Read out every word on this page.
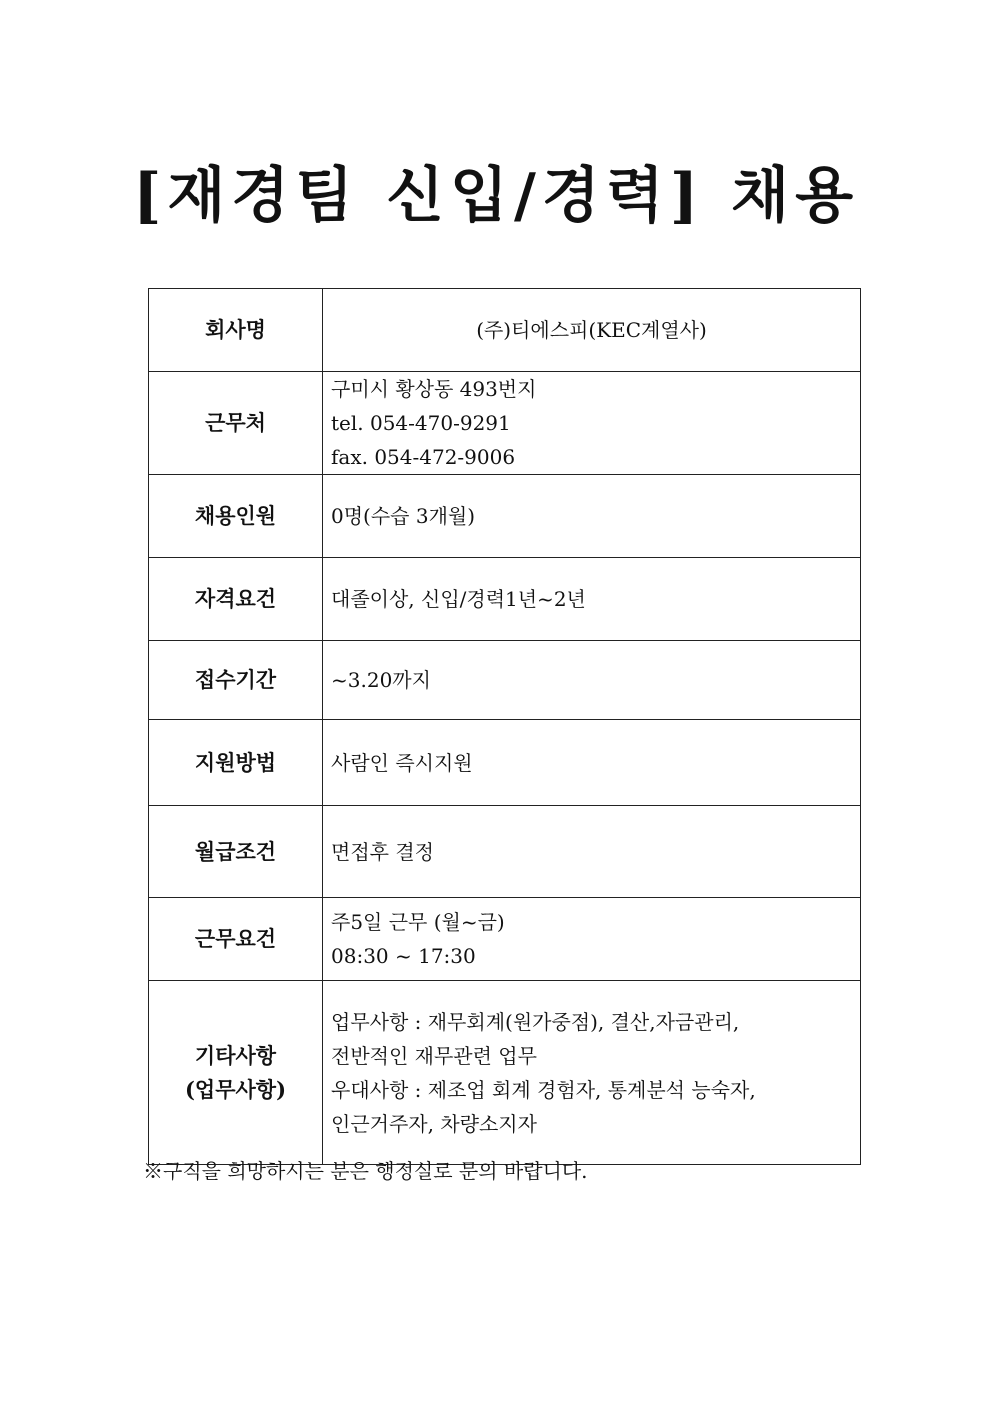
[재경팀 신입/경력] 채용
회사명	(주)티에스피(KEC계열사)

근무처	구미시 황상동 493번지
tel. 054-470-9291
fax. 054-472-9006

채용인원	0명(수습 3개월)

자격요건	대졸이상, 신입/경력1년~2년

접수기간	~3.20까지

지원방법	사람인 즉시지원

월급조건	면접후 결정

근무요건	주5일 근무 (월~금)
08:30 ~ 17:30

기타사항
(업무사항)	업무사항 : 재무회계(원가중점), 결산,자금관리,
전반적인 재무관련 업무
우대사항 : 제조업 회계 경험자, 통계분석 능숙자,
인근거주자, 차량소지자
※구직을 희망하시는 분은 행정실로 문의 바랍니다.
